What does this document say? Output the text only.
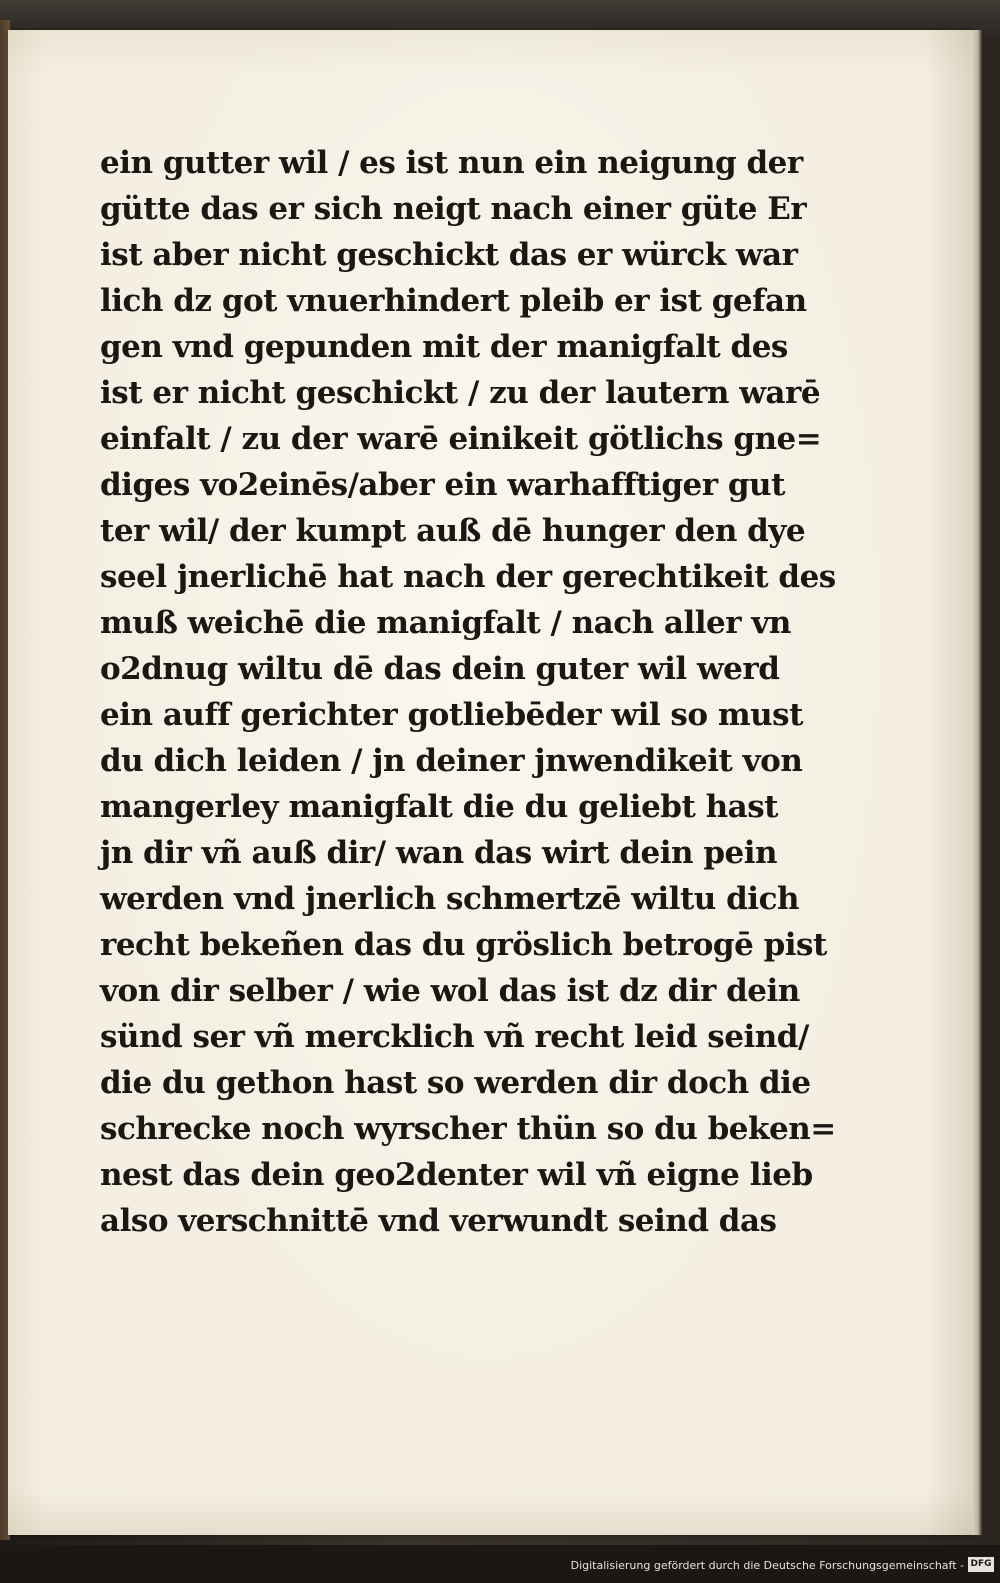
ein gutter wil / es ist nun ein neigung der
gütte das er sich neigt nach einer güte Er
ist aber nicht geschickt das er würck war
lich dz got vnuerhindert pleib er ist gefan
gen vnd gepunden mit der manigfalt des
ist er nicht geschickt / zu der lautern warē
einfalt / zu der warē einikeit götlichs gne=
diges vo2einēs/aber ein warhafftiger gut
ter wil/ der kumpt auß dē hunger den dye
seel jnerlichē hat nach der gerechtikeit des
muß weichē die manigfalt / nach aller vn
o2dnug wiltu dē das dein guter wil werd
ein auff gerichter gotliebēder wil so must
du dich leiden / jn deiner jnwendikeit von
mangerley manigfalt die du geliebt hast
jn dir vñ auß dir/ wan das wirt dein pein
werden vnd jnerlich schmertzē wiltu dich
recht bekeñen das du gröslich betrogē pist
von dir selber / wie wol das ist dz dir dein
sünd ser vñ mercklich vñ recht leid seind/
die du gethon hast so werden dir doch die
schrecke noch wyrscher thün so du beken=
nest das dein geo2denter wil vñ eigne lieb
also verschnittē vnd verwundt seind das
Digitalisierung gefördert durch die Deutsche Forschungsgemeinschaft - DFG
